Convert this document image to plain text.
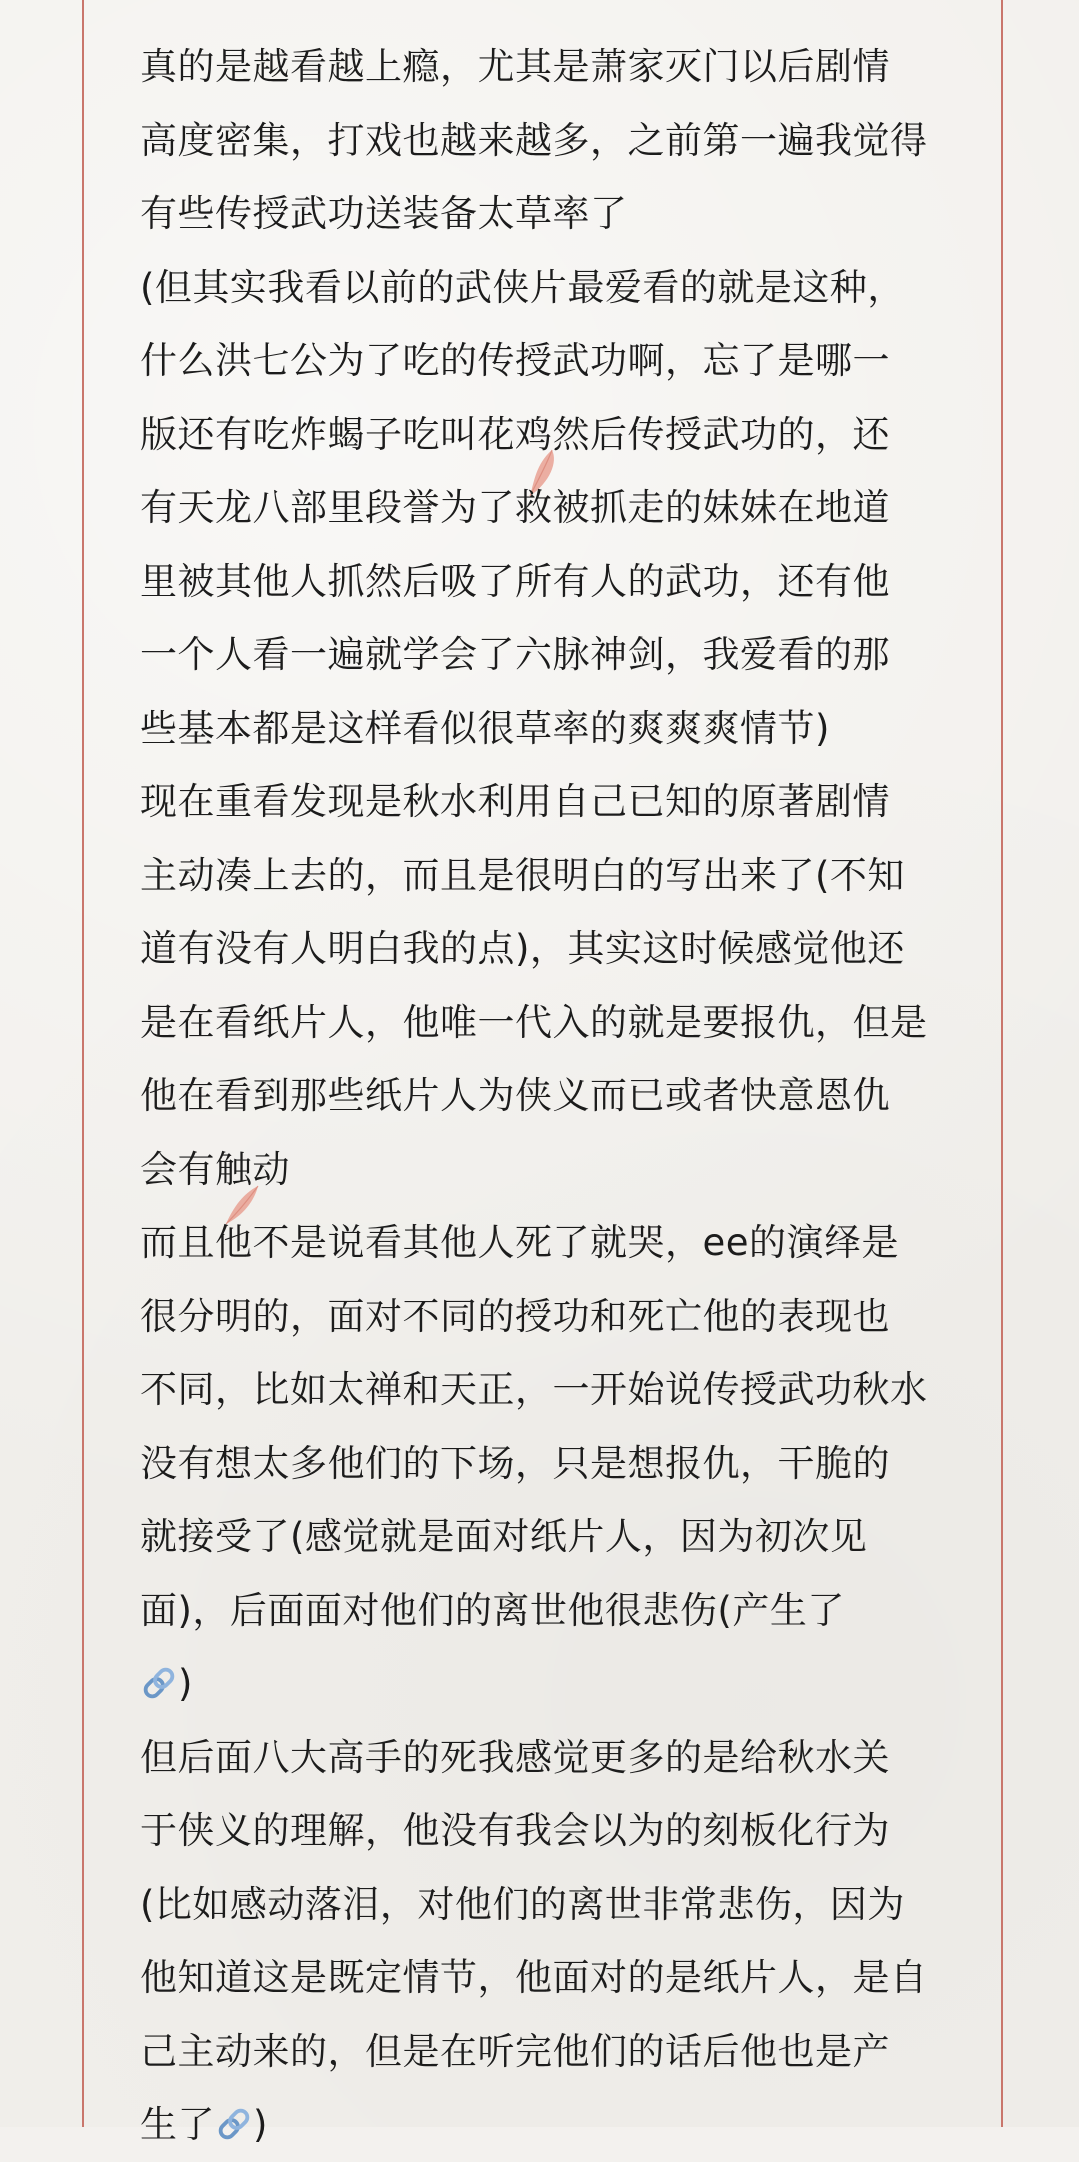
真的是越看越上瘾，尤其是萧家灭门以后剧情
高度密集，打戏也越来越多，之前第一遍我觉得
有些传授武功送装备太草率了
(但其实我看以前的武侠片最爱看的就是这种，
什么洪七公为了吃的传授武功啊，忘了是哪一
版还有吃炸蝎子吃叫花鸡然后传授武功的，还
有天龙八部里段誉为了救被抓走的妹妹在地道
里被其他人抓然后吸了所有人的武功，还有他
一个人看一遍就学会了六脉神剑，我爱看的那
些基本都是这样看似很草率的爽爽爽情节)
现在重看发现是秋水利用自己已知的原著剧情
主动凑上去的，而且是很明白的写出来了(不知
道有没有人明白我的点)，其实这时候感觉他还
是在看纸片人，他唯一代入的就是要报仇，但是
他在看到那些纸片人为侠义而已或者快意恩仇
会有触动
而且他不是说看其他人死了就哭，ee的演绎是
很分明的，面对不同的授功和死亡他的表现也
不同，比如太禅和天正，一开始说传授武功秋水
没有想太多他们的下场，只是想报仇，干脆的
就接受了(感觉就是面对纸片人，因为初次见
面)，后面面对他们的离世他很悲伤(产生了
)
但后面八大高手的死我感觉更多的是给秋水关
于侠义的理解，他没有我会以为的刻板化行为
(比如感动落泪，对他们的离世非常悲伤，因为
他知道这是既定情节，他面对的是纸片人，是自
己主动来的，但是在听完他们的话后他也是产
生了 )
